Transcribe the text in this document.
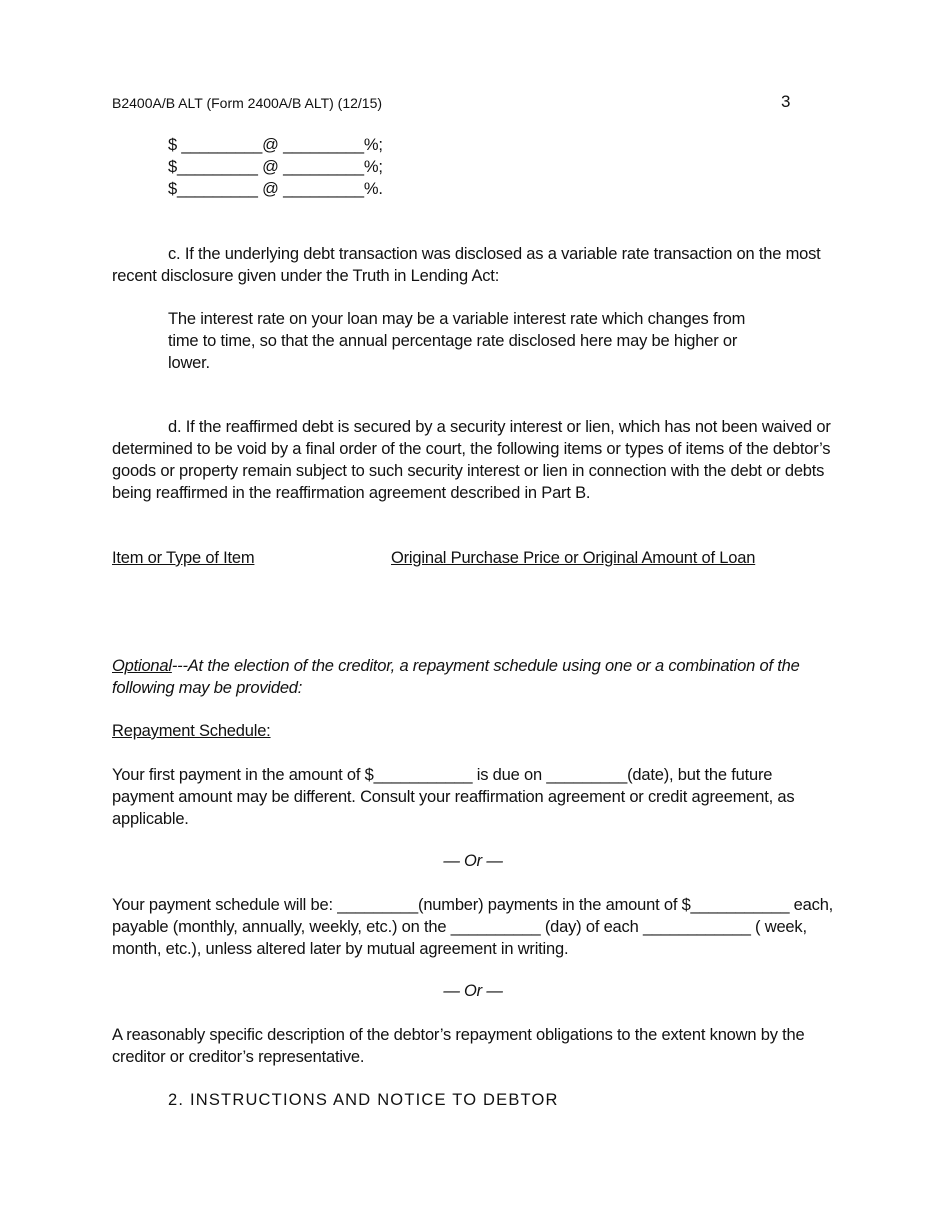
B2400A/B ALT (Form 2400A/B ALT) (12/15)	3
$ _________@ _________%;
$_________ @ _________%;
$_________ @ _________%.
c. If the underlying debt transaction was disclosed as a variable rate transaction on the most recent disclosure given under the Truth in Lending Act:
The interest rate on your loan may be a variable interest rate which changes from time to time, so that the annual percentage rate disclosed here may be higher or lower.
d. If the reaffirmed debt is secured by a security interest or lien, which has not been waived or determined to be void by a final order of the court, the following items or types of items of the debtor’s goods or property remain subject to such security interest or lien in connection with the debt or debts being reaffirmed in the reaffirmation agreement described in Part B.
Item or Type of Item	Original Purchase Price or Original Amount of Loan
Optional---At the election of the creditor, a repayment schedule using one or a combination of the following may be provided:
Repayment Schedule:
Your first payment in the amount of $___________ is due on _________(date), but the future payment amount may be different. Consult your reaffirmation agreement or credit agreement, as applicable.
— Or —
Your payment schedule will be: _________(number) payments in the amount of $___________ each, payable (monthly, annually, weekly, etc.) on the __________ (day) of each ____________ ( week, month, etc.), unless altered later by mutual agreement in writing.
— Or —
A reasonably specific description of the debtor’s repayment obligations to the extent known by the creditor or creditor’s representative.
2. INSTRUCTIONS AND NOTICE TO DEBTOR
